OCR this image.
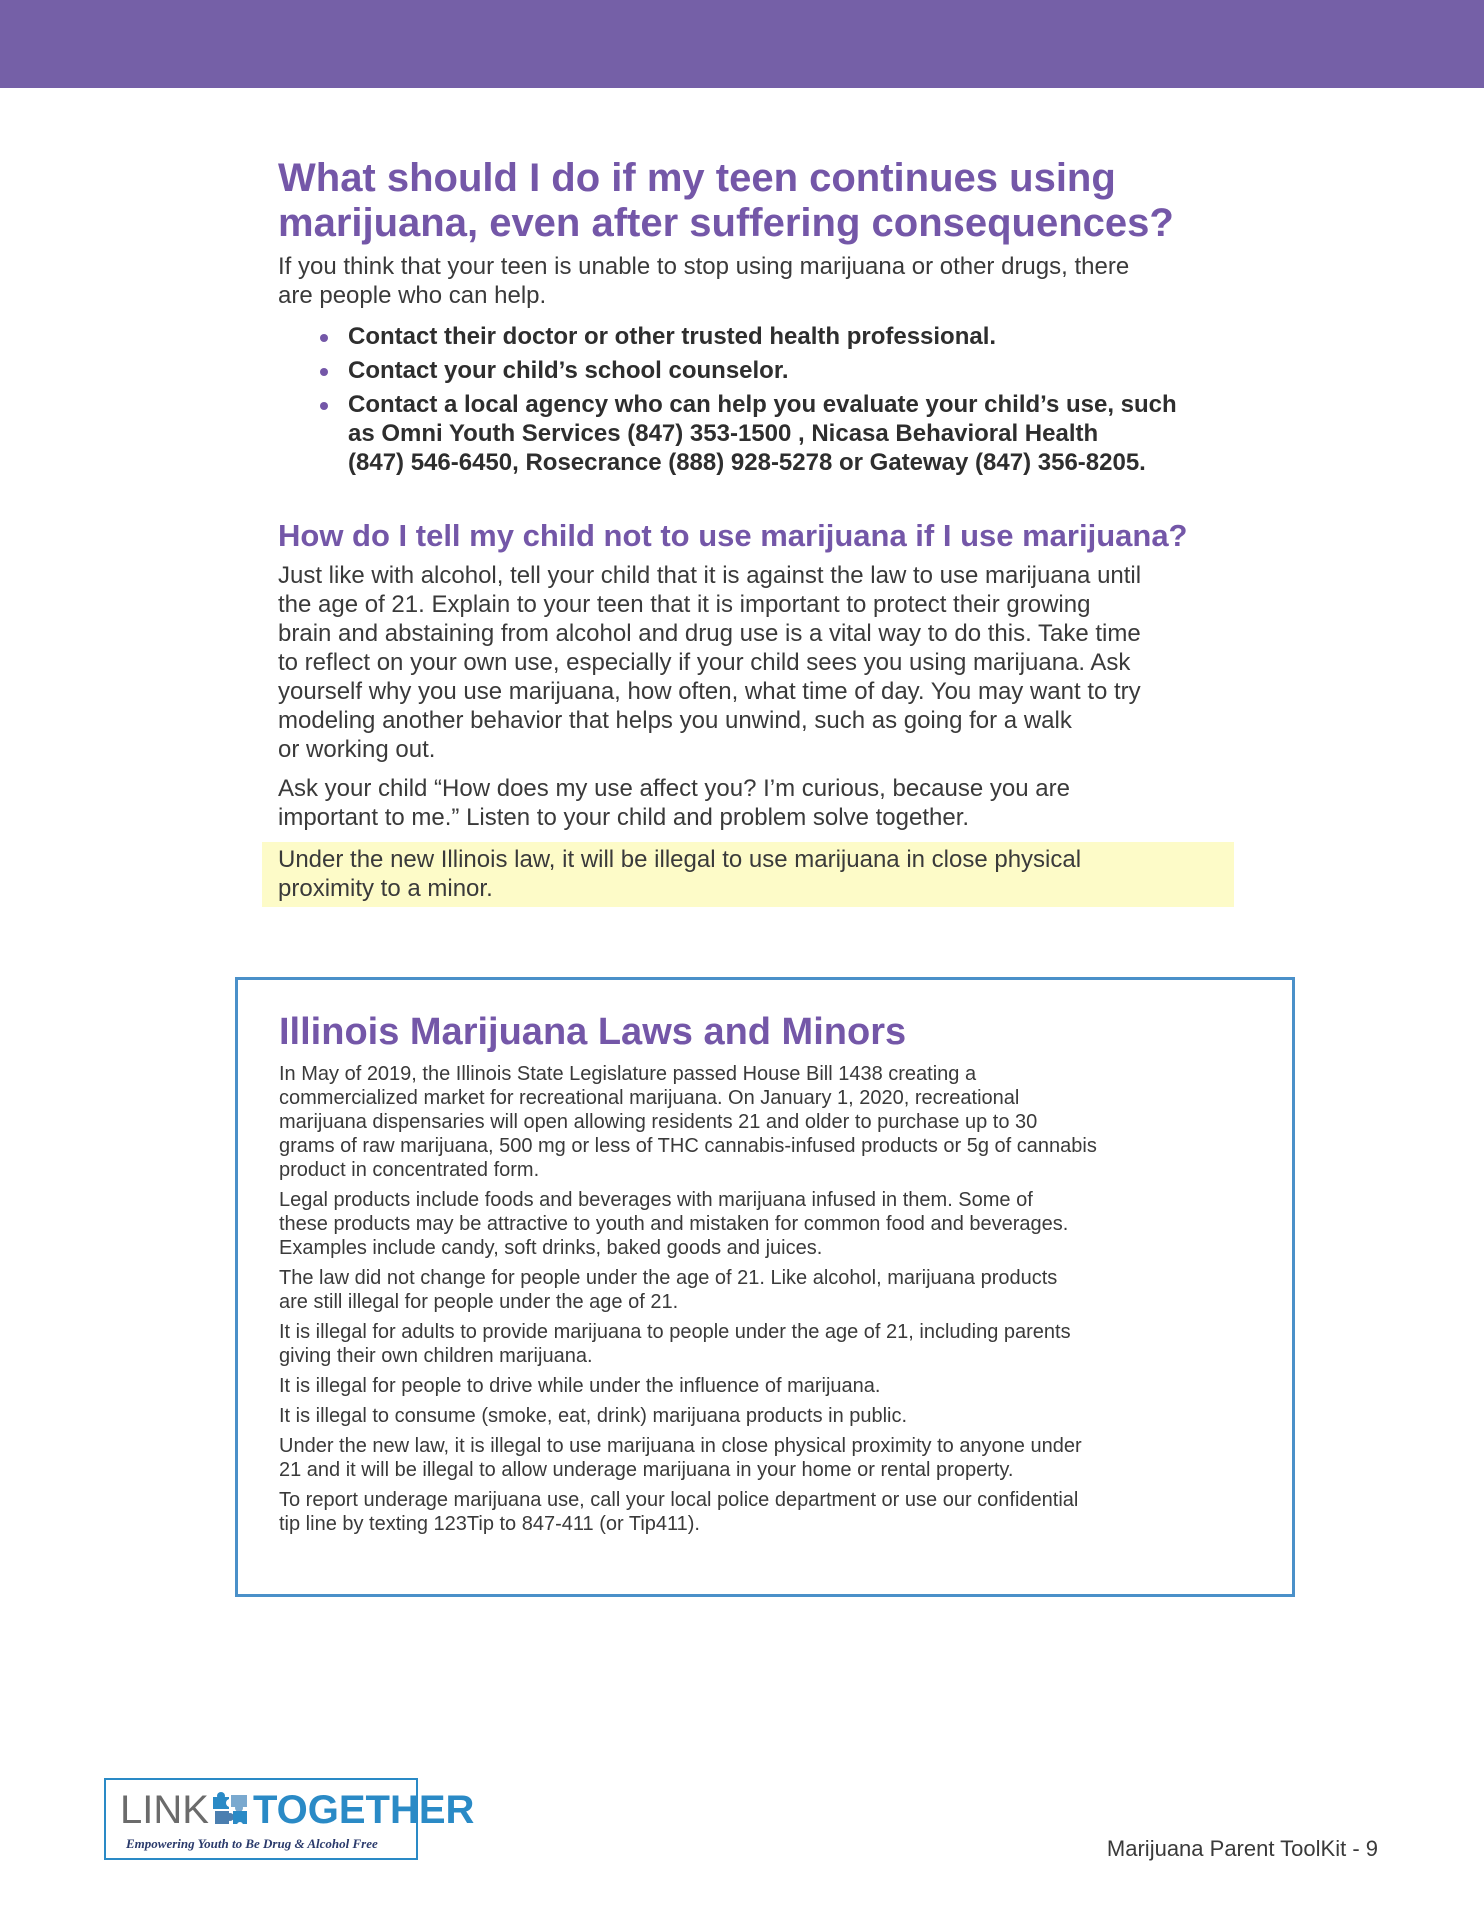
What should I do if my teen continues using
marijuana, even after suffering consequences?

If you think that your teen is unable to stop using marijuana or other drugs, there
are people who can help.

Contact their doctor or other trusted health professional.
Contact your child’s school counselor.
Contact a local agency who can help you evaluate your child’s use, such
as Omni Youth Services (847) 353-1500 , Nicasa Behavioral Health
(847) 546-6450, Rosecrance (888) 928-5278 or Gateway (847) 356-8205.
How do I tell my child not to use marijuana if I use marijuana?

Just like with alcohol, tell your child that it is against the law to use marijuana until
the age of 21. Explain to your teen that it is important to protect their growing
brain and abstaining from alcohol and drug use is a vital way to do this. Take time
to reflect on your own use, especially if your child sees you using marijuana. Ask
yourself why you use marijuana, how often, what time of day. You may want to try
modeling another behavior that helps you unwind, such as going for a walk
or working out.

Ask your child “How does my use affect you? I’m curious, because you are
important to me.” Listen to your child and problem solve together.

Under the new Illinois law, it will be illegal to use marijuana in close physical
proximity to a minor.
Illinois Marijuana Laws and Minors

In May of 2019, the Illinois State Legislature passed House Bill 1438 creating a
commercialized market for recreational marijuana. On January 1, 2020, recreational
marijuana dispensaries will open allowing residents 21 and older to purchase up to 30
grams of raw marijuana, 500 mg or less of THC cannabis-infused products or 5g of cannabis
product in concentrated form.

Legal products include foods and beverages with marijuana infused in them. Some of
these products may be attractive to youth and mistaken for common food and beverages.
Examples include candy, soft drinks, baked goods and juices.

The law did not change for people under the age of 21. Like alcohol, marijuana products
are still illegal for people under the age of 21.

It is illegal for adults to provide marijuana to people under the age of 21, including parents
giving their own children marijuana.

It is illegal for people to drive while under the influence of marijuana.

It is illegal to consume (smoke, eat, drink) marijuana products in public.

Under the new law, it is illegal to use marijuana in close physical proximity to anyone under
21 and it will be illegal to allow underage marijuana in your home or rental property.

To report underage marijuana use, call your local police department or use our confidential
tip line by texting 123Tip to 847-411 (or Tip411).

LINK TOGETHER
Empowering Youth to Be Drug & Alcohol Free	Marijuana Parent ToolKit - 9
